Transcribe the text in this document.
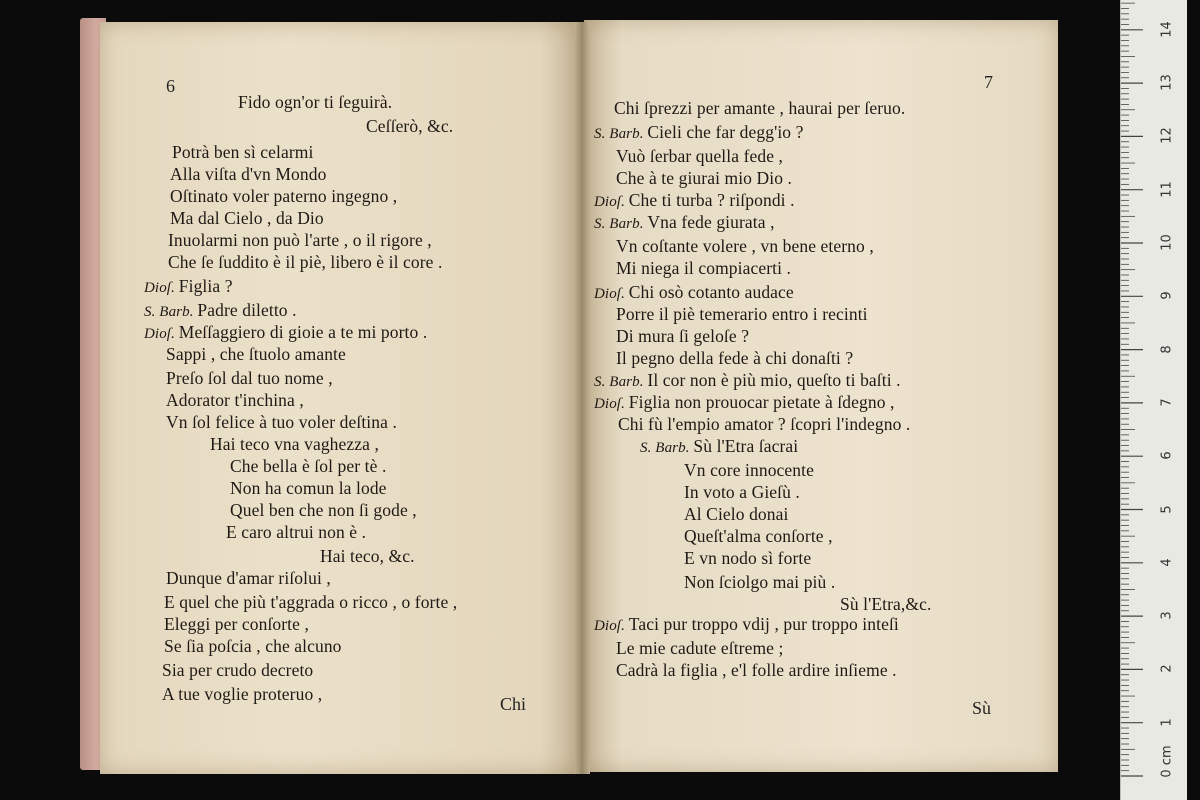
6	7
Fido ogn'or ti ſeguirà.
Ceſſerò, &c.
Potrà ben sì celarmi
Alla viſta d'vn Mondo
Oſtinato voler paterno ingegno ,
Ma dal Cielo , da Dio
Inuolarmi non può l'arte , o il rigore ,
Che ſe ſuddito è il piè, libero è il core .
Dioſ. Figlia ?
S. Barb. Padre diletto .
Dioſ. Meſſaggiero di gioie a te mi porto .
Sappi , che ſtuolo amante
Preſo ſol dal tuo nome ,
Adorator t'inchina ,
Vn ſol felice à tuo voler deſtina .
Hai teco vna vaghezza ,
Che bella è ſol per tè .
Non ha comun la lode
Quel ben che non ſi gode ,
E caro altrui non è .
Hai teco, &c.
Dunque d'amar riſolui ,
E quel che più t'aggrada o ricco , o forte ,
Eleggi per conſorte ,
Se ſia poſcia , che alcuno
Sia per crudo decreto
A tue voglie proteruo ,
Chi ſprezzi per amante , haurai per ſeruo.
S. Barb. Cieli che far degg'io ?
Vuò ſerbar quella fede ,
Che à te giurai mio Dio .
Dioſ. Che ti turba ? riſpondi .
S. Barb. Vna fede giurata ,
Vn coſtante volere , vn bene eterno ,
Mi niega il compiacerti .
Dioſ. Chi osò cotanto audace
Porre il piè temerario entro i recinti
Di mura ſi geloſe ?
Il pegno della fede à chi donaſti ?
S. Barb. Il cor non è più mio, queſto ti baſti .
Dioſ. Figlia non prouocar pietate à ſdegno ,
Chi fù l'empio amator ? ſcopri l'indegno .
S. Barb. Sù l'Etra ſacrai
Vn core innocente
In voto a Gieſù .
Al Cielo donai
Queſt'alma conſorte ,
E vn nodo sì forte
Non ſciolgo mai più .
Sù l'Etra,&c.
Dioſ. Taci pur troppo vdij , pur troppo inteſi
Le mie cadute eſtreme ;
Cadrà la figlia , e'l folle ardire inſieme .
Chi	Sù
0 cm
1
2
3
4
5
6
7
8
9
10
11
12
13
14
